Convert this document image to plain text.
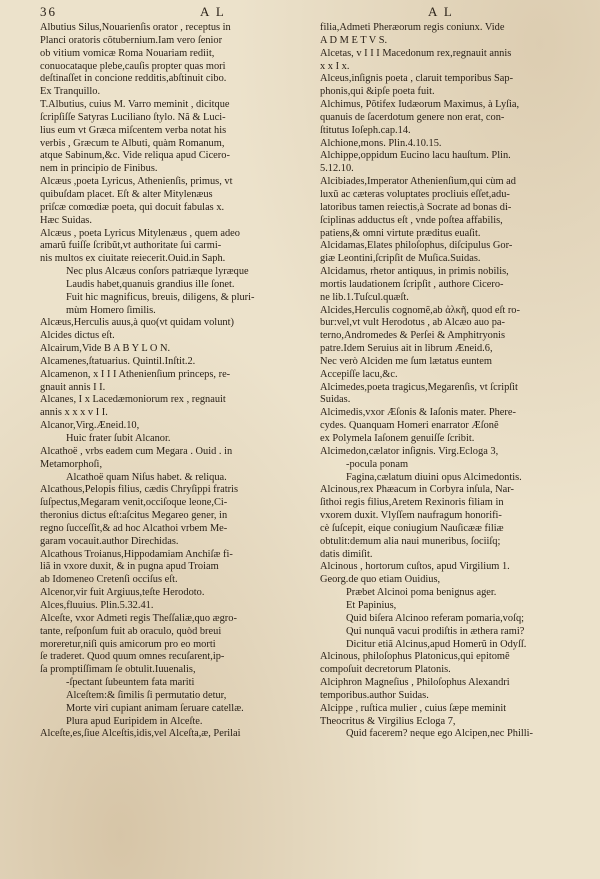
36	A L	A L
Albutius Silus,Nouarienſis orator , receptus in
Planci oratoris cõtubernium.Iam vero ſenior
ob vitium vomicæ Roma Nouariam rediit,
conuocataque plebe,cauſis propter quas mori
deſtinaſſet in concione redditis,abſtinuit cibo.
Ex Tranquillo.
T.Albutius, cuius M. Varro meminit , dicitque
ſcripſiſſe Satyras Luciliano ſtylo. Nã & Luci-
lius eum vt Græca miſcentem verba notat his
verbis , Græcum te Albuti, quàm Romanum,
atque Sabinum,&c. Vide reliqua apud Cicero-
nem in principio de Finibus.
Alcæus ,poeta Lyricus, Athenienſis, primus, vt
quibuſdam placet. Eſt & alter Mitylenæus
priſcæ comœdiæ poeta, qui docuit fabulas x.
Hæc Suidas.
Alcæus , poeta Lyricus Mitylenæus , quem adeo
amarũ fuiſſe ſcribũt,vt authoritate ſui carmi-
nis multos ex ciuitate reiecerit.Ouid.in Saph.
Nec plus Alcæus conſors patriæque lyræque
Laudis habet,quanuis grandius ille ſonet.
Fuit hic magnificus, breuis, diligens, & pluri-
mùm Homero ſimilis.
Alcæus,Herculis auus,à quo(vt quidam volunt)
Alcides dictus eſt.
Alcairum,Vide B A B Y L O N.
Alcamenes,ſtatuarius. Quintil.Inſtit.2.
Alcamenon, x I I I Athenienſium princeps, re-
gnauit annis I I.
Alcanes, I x Lacedæmoniorum rex , regnauit
annis x x x v I I.
Alcanor,Virg.Æneid.10,
Huic frater ſubit Alcanor.
Alcathoë , vrbs eadem cum Megara . Ouid . in
Metamorphoſi,
Alcathoë quam Niſus habet. & reliqua.
Alcathous,Pelopis filius, cædis Chryſippi fratris
ſuſpectus,Megaram venit,occiſoque leone,Ci-
theronius dictus eſt:aſcitus Megareo gener, in
regno ſucceſſit,& ad hoc Alcathoi vrbem Me-
garam vocauit.author Direchidas.
Alcathous Troianus,Hippodamiam Anchiſæ fi-
liã in vxore duxit, & in pugna apud Troiam
ab Idomeneo Cretenſi occiſus eſt.
Alcenor,vir fuit Argiuus,teſte Herodoto.
Alces,fluuius. Plin.5.32.41.
Alceſte, vxor Admeti regis Theſſaliæ,quo ægro-
tante, reſponſum fuit ab oraculo, quòd breui
moreretur,niſi quis amicorum pro eo morti
ſe traderet. Quod quum omnes recuſarent,ip-
ſa promptiſſimam ſe obtulit.Iuuenalis,
-ſpectant ſubeuntem fata mariti
Alceſtem:& ſimilis ſi permutatio detur,
Morte viri cupiant animam ſeruare catellæ.
Plura apud Euripidem in Alceſte.
Alceſte,es,ſiue Alceſtis,idis,vel Alceſta,æ, Perilai
filia,Admeti Pheræorum regis coniunx. Vide
A D M E T V S.
Alcetas, v I I I Macedonum rex,regnauit annis
x x I x.
Alceus,inſignis poeta , claruit temporibus Sap-
phonis,qui &ipſe poeta fuit.
Alchimus, Põtifex Iudæorum Maximus, à Lyſia,
quanuis de ſacerdotum genere non erat, con-
ſtitutus Ioſeph.cap.14.
Alchione,mons. Plin.4.10.15.
Alchippe,oppidum Eucino lacu hauſtum. Plin.
5.12.10.
Alcibiades,Imperator Athenienſium,qui cùm ad
luxũ ac cæteras voluptates procliuis eſſet,adu-
latoribus tamen reiectis,à Socrate ad bonas di-
ſciplinas adductus eſt , vnde poſtea affabilis,
patiens,& omni virtute præditus euaſit.
Alcidamas,Elates philoſophus, diſcipulus Gor-
giæ Leontini,ſcripſit de Muſica.Suidas.
Alcidamus, rhetor antiquus, in primis nobilis,
mortis laudationem ſcripſit , authore Cicero-
ne lib.1.Tuſcul.quæſt.
Alcides,Herculis cognomẽ,ab ἀλκῆ, quod eſt ro-
bur:vel,vt vult Herodotus , ab Alcæo auo pa-
terno,Andromedes & Perſei & Amphitryonis
patre.Idem Seruius ait in librum Æneid.6,
Nec verò Alciden me ſum lætatus euntem
Accepiſſe lacu,&c.
Alcimedes,poeta tragicus,Megarenſis, vt ſcripſit
Suidas.
Alcimedis,vxor Æſonis & Iaſonis mater. Phere-
cydes. Quanquam Homeri enarrator Æſonẽ
ex Polymela Iaſonem genuiſſe ſcribit.
Alcimedon,cælator inſignis. Virg.Ecloga 3,
-pocula ponam
Fagina,cælatum diuini opus Alcimedontis.
Alcinous,rex Phæacum in Corbyra inſula, Nar-
ſithoi regis filius,Aretem Rexinoris filiam in
vxorem duxit. Vlyſſem naufragum honorifi-
cè ſuſcepit, eique coniugium Nauſicææ filiæ
obtulit:demum alia naui muneribus, ſociiſq;
datis dimiſit.
Alcinous , hortorum cuſtos, apud Virgilium 1.
Georg.de quo etiam Ouidius,
Præbet Alcinoi poma benignus ager.
Et Papinius,
Quid biſera Alcinoo referam pomaria,voſq;
Qui nunquã vacui prodiſtis in æthera rami?
Dicitur etiã Alcinus,apud Homerũ in Odyſſ.
Alcinous, philoſophus Platonicus,qui epitomẽ
compoſuit decretorum Platonis.
Alciphron Magneſius , Philoſophus Alexandri
temporibus.author Suidas.
Alcippe , ruſtica mulier , cuius ſæpe meminit
Theocritus & Virgilius Ecloga 7,
Quid facerem? neque ego Alcipen,nec Philli-
